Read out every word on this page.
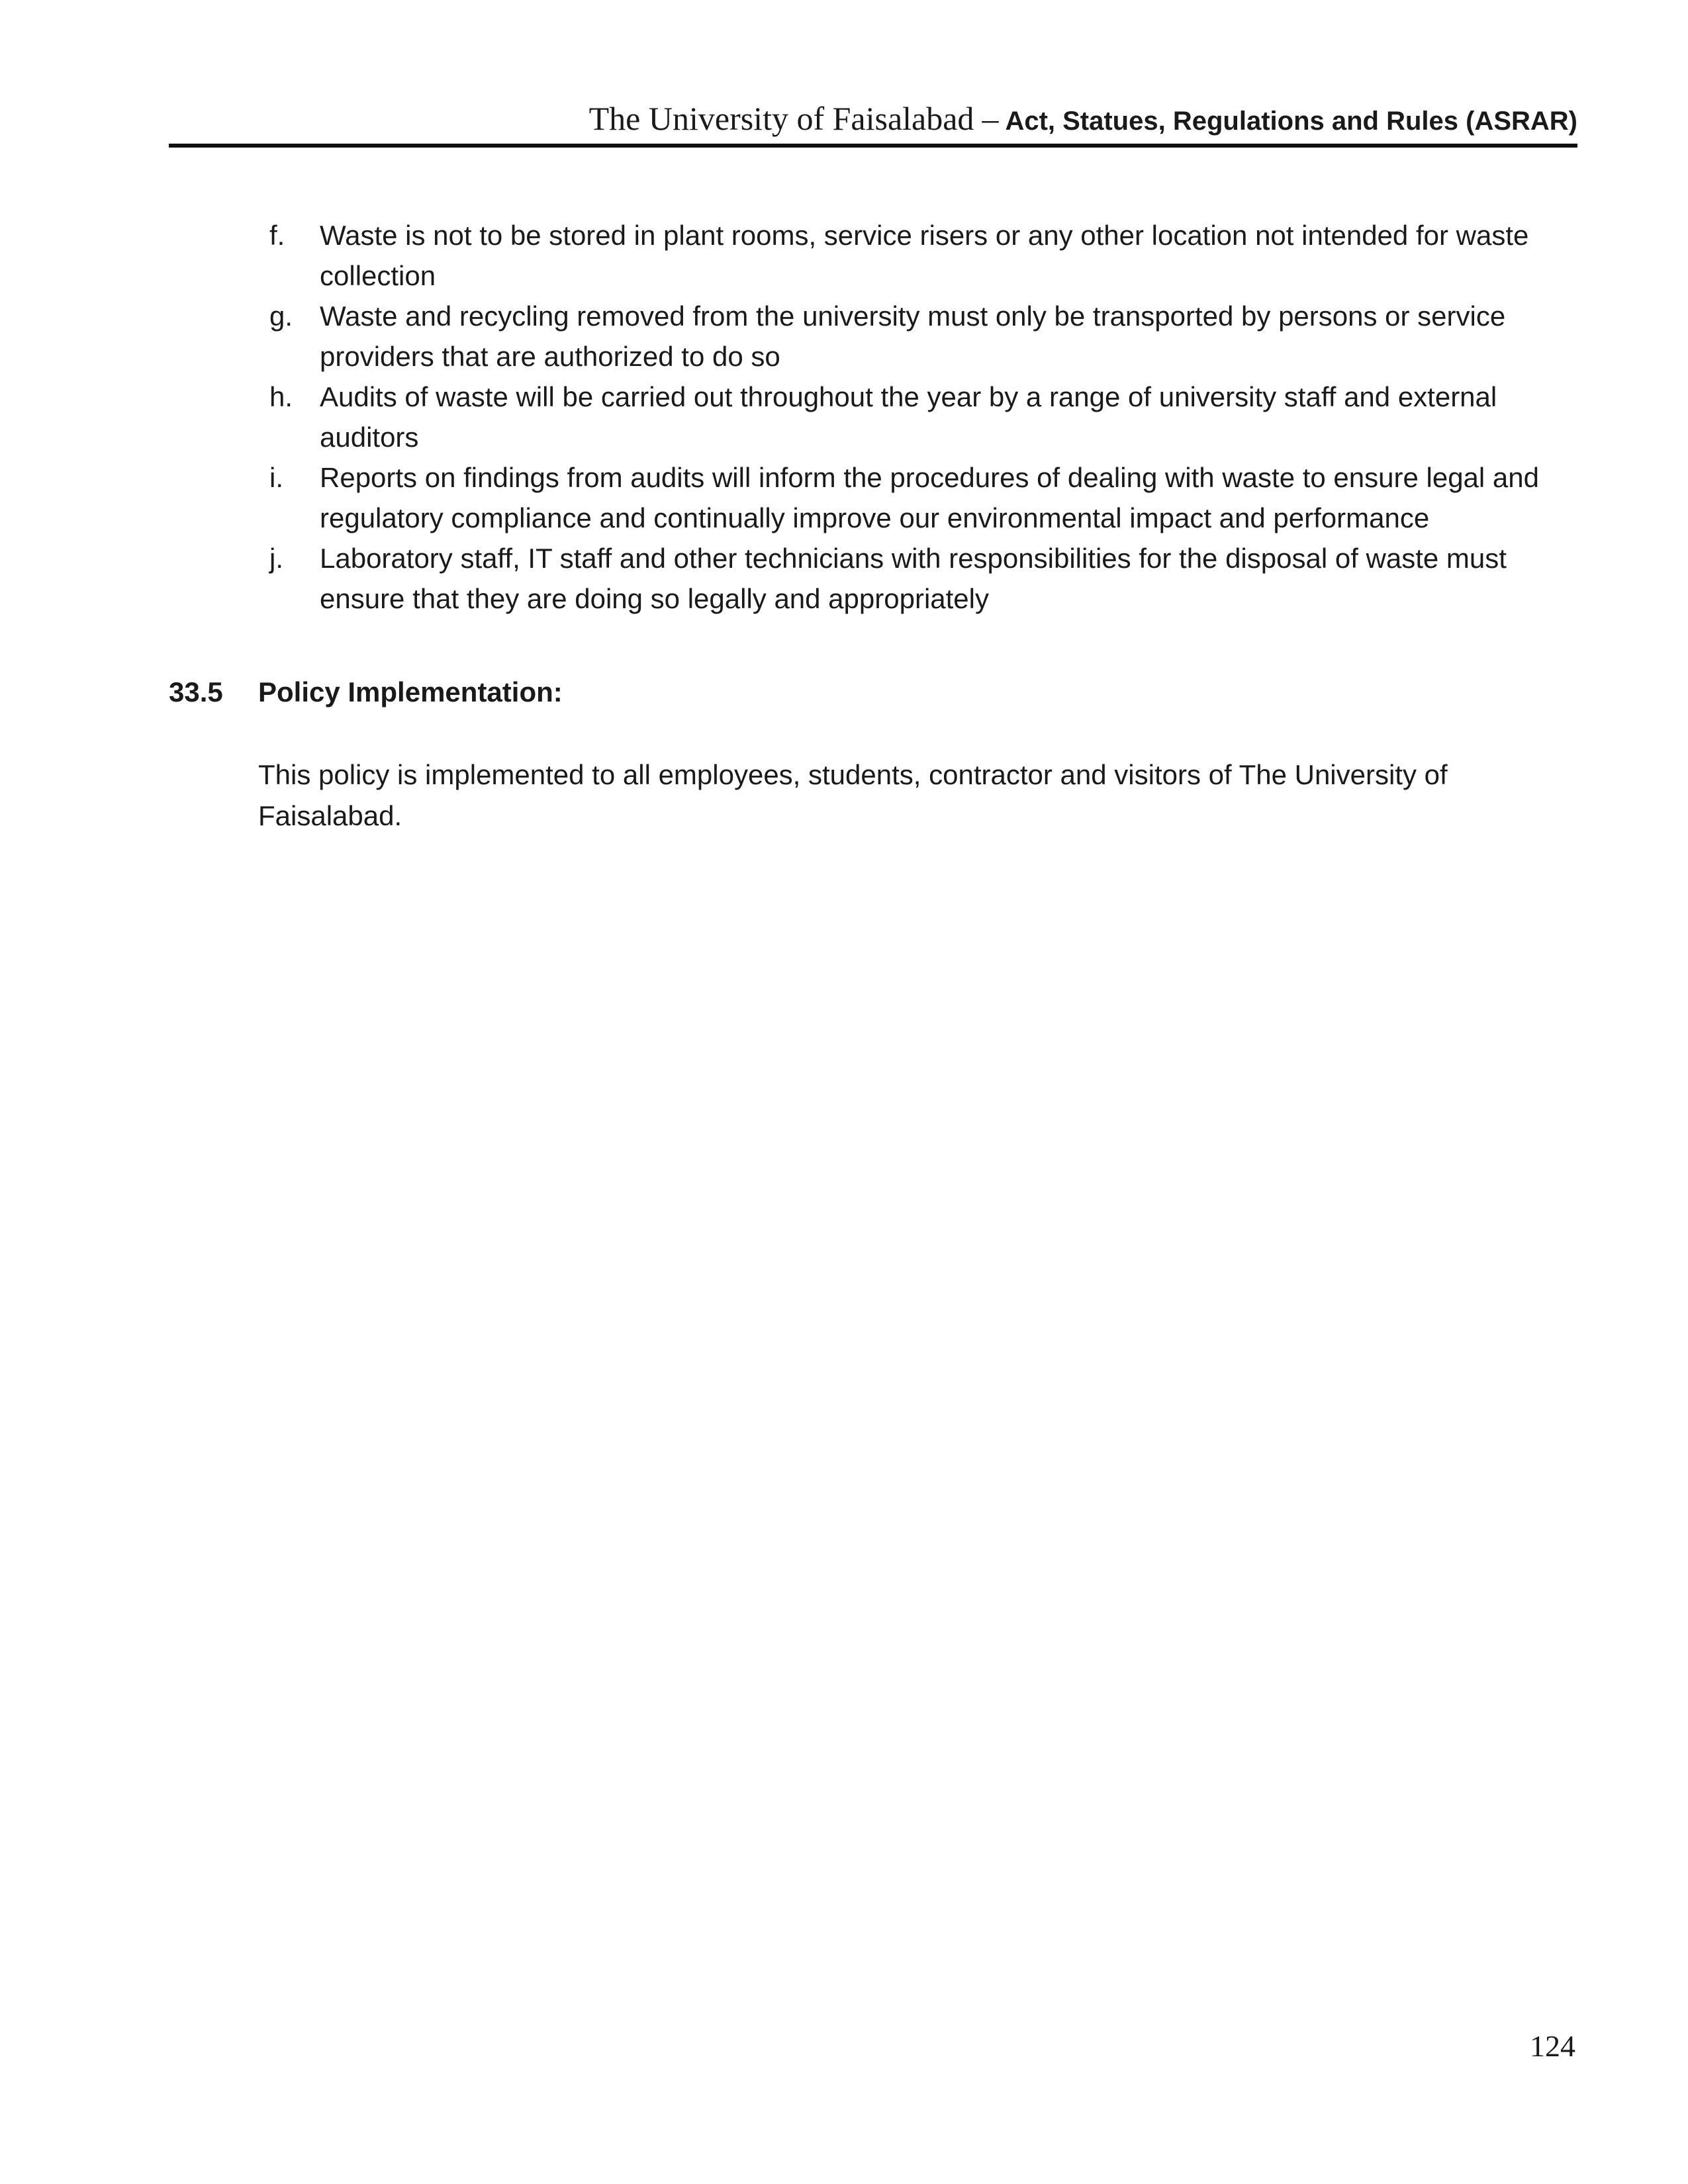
The University of Faisalabad – Act, Statues, Regulations and Rules (ASRAR)
f. Waste is not to be stored in plant rooms, service risers or any other location not intended for waste collection
g. Waste and recycling removed from the university must only be transported by persons or service providers that are authorized to do so
h. Audits of waste will be carried out throughout the year by a range of university staff and external auditors
i. Reports on findings from audits will inform the procedures of dealing with waste to ensure legal and regulatory compliance and continually improve our environmental impact and performance
j. Laboratory staff, IT staff and other technicians with responsibilities for the disposal of waste must ensure that they are doing so legally and appropriately
33.5 Policy Implementation:

This policy is implemented to all employees, students, contractor and visitors of The University of Faisalabad.

124
